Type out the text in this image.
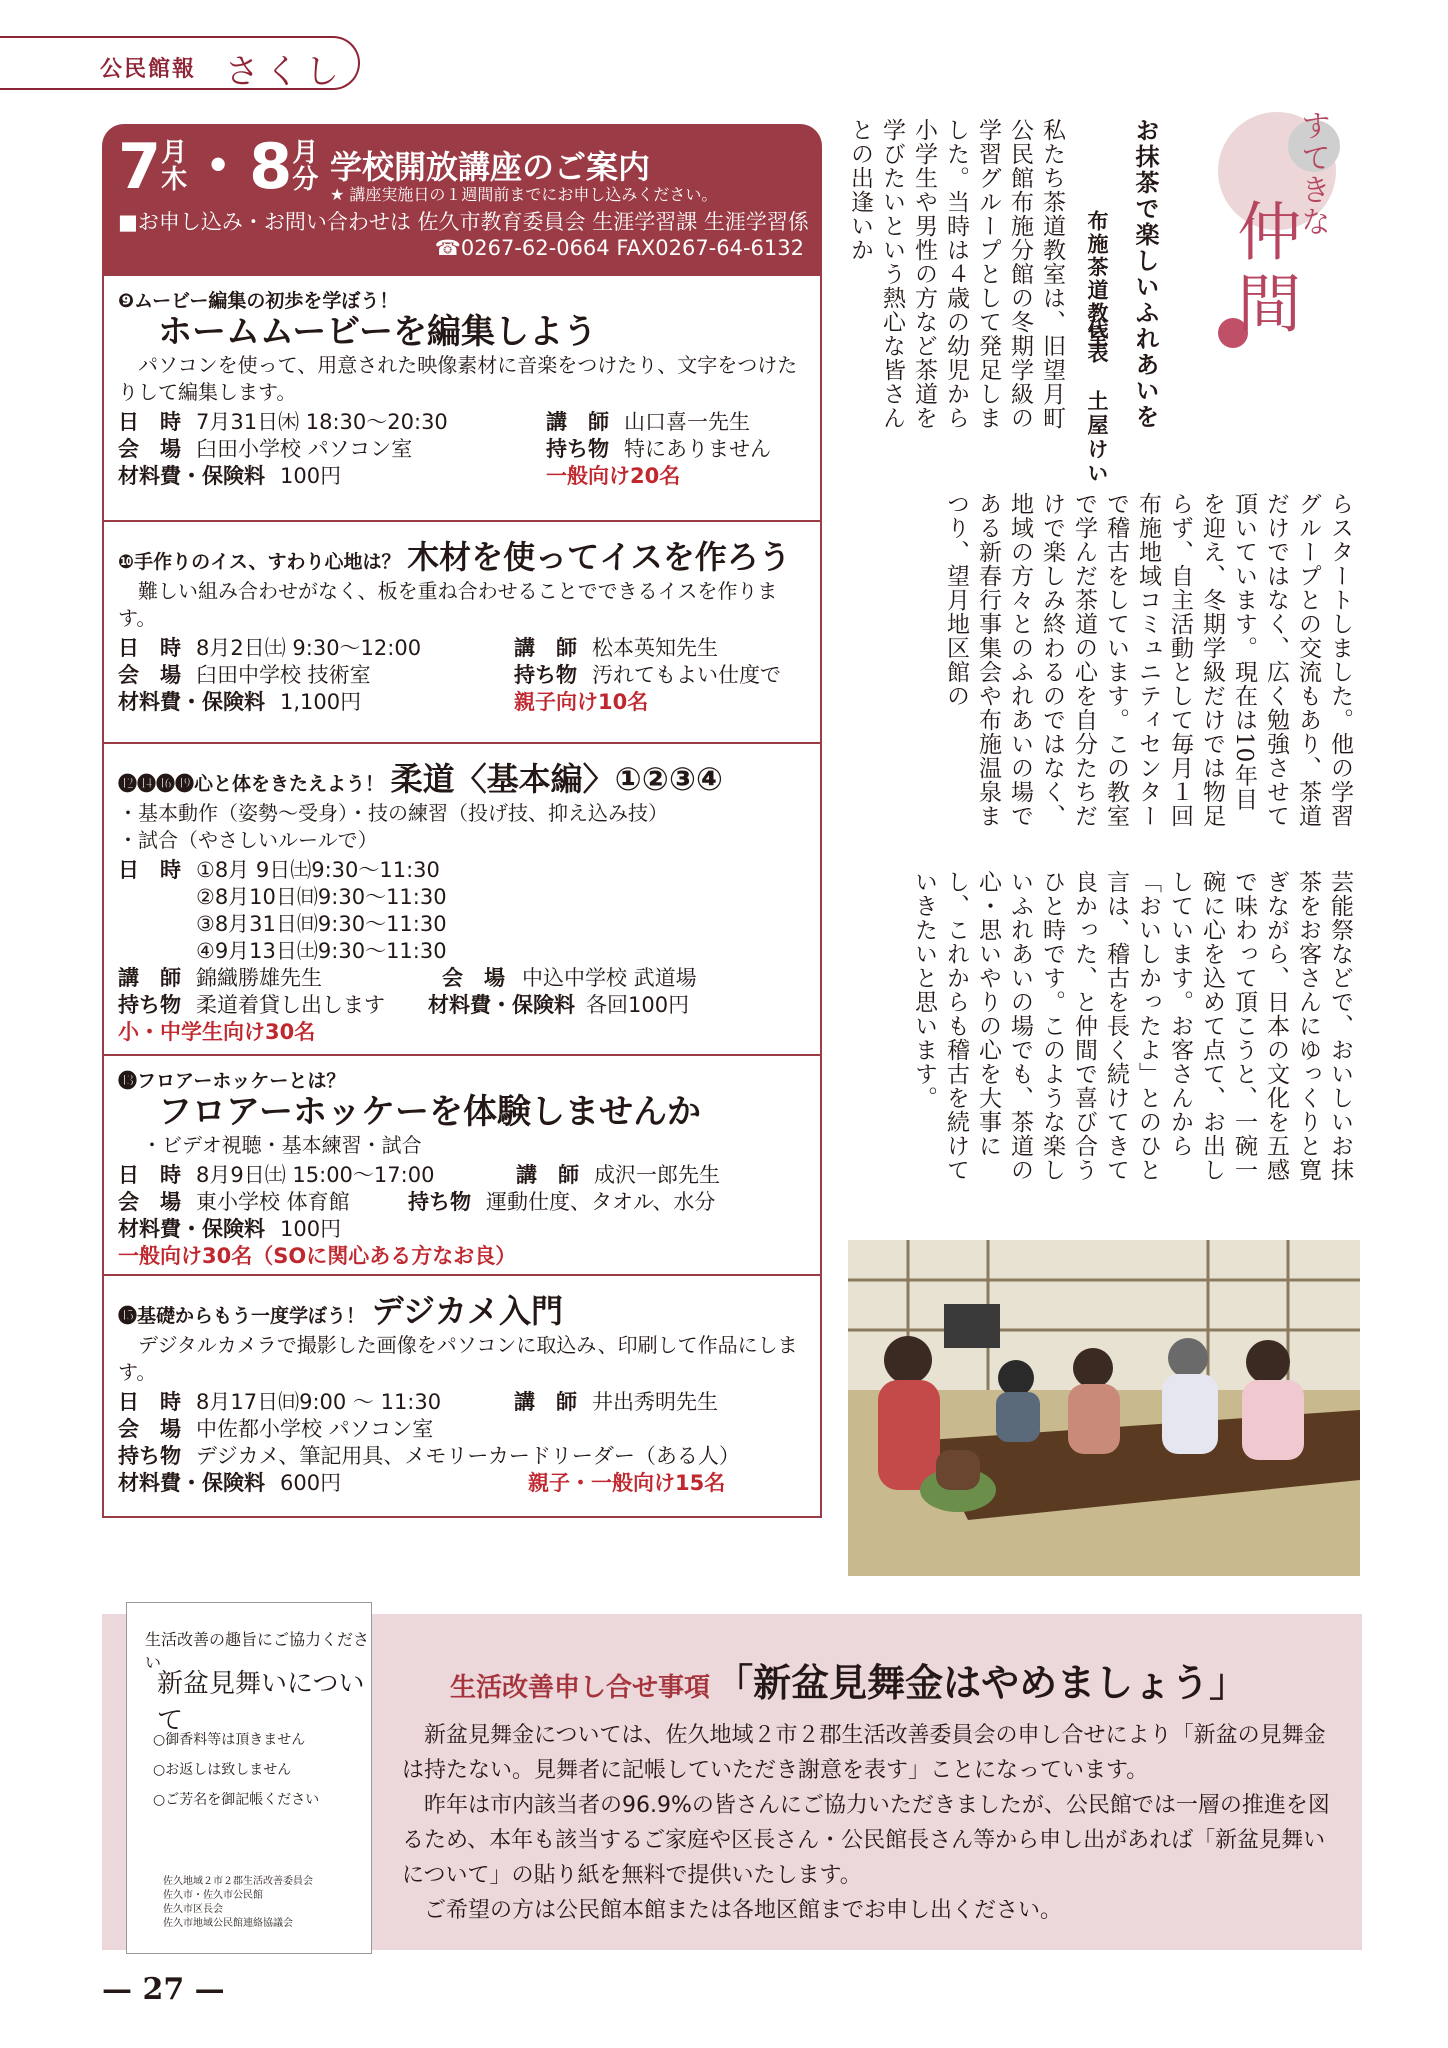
公民館報 さくし
7月
木・8月
分 学校開放講座のご案内
★ 講座実施日の１週間前までにお申し込みください。
■お申し込み・お問い合わせは 佐久市教育委員会 生涯学習課 生涯学習係
☎0267-62-0664 FAX0267-64-6132
❾ムービー編集の初歩を学ぼう！
ホームムービーを編集しよう
パソコンを使って、用意された映像素材に音楽をつけたり、文字をつけたりして編集します。
日　時 7月31日㈭ 18:30～20:30	講　師 山口喜一先生
会　場 臼田小学校 パソコン室	持ち物 特にありません
材料費・保険料 100円	一般向け20名
❿手作りのイス、すわり心地は？ 木材を使ってイスを作ろう
難しい組み合わせがなく、板を重ね合わせることでできるイスを作ります。
日　時 8月2日㈯ 9:30～12:00	講　師 松本英知先生
会　場 臼田中学校 技術室	持ち物 汚れてもよい仕度で
材料費・保険料 1,100円	親子向け10名
⓬⓮⓰⓳心と体をきたえよう！ 柔道〈基本編〉①②③④
・基本動作（姿勢～受身）・技の練習（投げ技、抑え込み技）
・試合（やさしいルールで）
日　時 ①8月 9日㈯9:30～11:30
②8月10日㈰9:30～11:30
③8月31日㈰9:30～11:30
④9月13日㈯9:30～11:30
講　師 錦織勝雄先生	会　場 中込中学校 武道場
持ち物 柔道着貸し出します 材料費・保険料 各回100円
小・中学生向け30名
⓭フロアーホッケーとは？
フロアーホッケーを体験しませんか
・ビデオ視聴・基本練習・試合
日　時 8月9日㈯ 15:00～17:00	講　師 成沢一郎先生
会　場 東小学校 体育館	持ち物 運動仕度、タオル、水分
材料費・保険料 100円
一般向け30名（SOに関心ある方なお良）
⓯基礎からもう一度学ぼう！ デジカメ入門
デジタルカメラで撮影した画像をパソコンに取込み、印刷して作品にします。
日　時 8月17日㈰9:00 ～ 11:30	講　師 井出秀明先生
会　場 中佐都小学校 パソコン室
持ち物 デジカメ、筆記用具、メモリーカードリーダー（ある人）
材料費・保険料 600円	親子・一般向け15名
すてきな
仲間
お抹茶で楽しいふれあいを
布施茶道教室
代表　土屋けい
私たち茶道教室は、旧望月町公民館布施分館の冬期学級の学習グループとして発足しました。当時は４歳の幼児から小学生や男性の方など茶道を学びたいという熱心な皆さんとの出逢いか
らスタートしました。他の学習グループとの交流もあり、茶道だけではなく、広く勉強させて頂いています。現在は10年目を迎え、冬期学級だけでは物足らず、自主活動として毎月１回布施地域コミュニティセンターで稽古をしています。この教室で学んだ茶道の心を自分たちだけで楽しみ終わるのではなく、地域の方々とのふれあいの場である新春行事集会や布施温泉まつり、望月地区館の
芸能祭などで、おいしいお抹茶をお客さんにゆっくりと寛ぎながら、日本の文化を五感で味わって頂こうと、一碗一碗に心を込めて点て、お出ししています。お客さんから「おいしかったよ」とのひと言は、稽古を長く続けてきて良かった、と仲間で喜び合うひと時です。このような楽しいふれあいの場でも、茶道の心・思いやりの心を大事にし、これからも稽古を続けていきたいと思います。
生活改善の趣旨にご協力ください
新盆見舞いについて
○御香料等は頂きません
○お返しは致しません
○ご芳名を御記帳ください
佐久地域２市２郡生活改善委員会
佐久市・佐久市公民館
佐久市区長会
佐久市地域公民館連絡協議会
生活改善申し合せ事項 「新盆見舞金はやめましょう」

新盆見舞金については、佐久地域２市２郡生活改善委員会の申し合せにより「新盆の見舞金は持たない。見舞者に記帳していただき謝意を表す」ことになっています。

昨年は市内該当者の96.9%の皆さんにご協力いただきましたが、公民館では一層の推進を図るため、本年も該当するご家庭や区長さん・公民館長さん等から申し出があれば「新盆見舞いについて」の貼り紙を無料で提供いたします。

ご希望の方は公民館本館または各地区館までお申し出ください。

— 27 —
